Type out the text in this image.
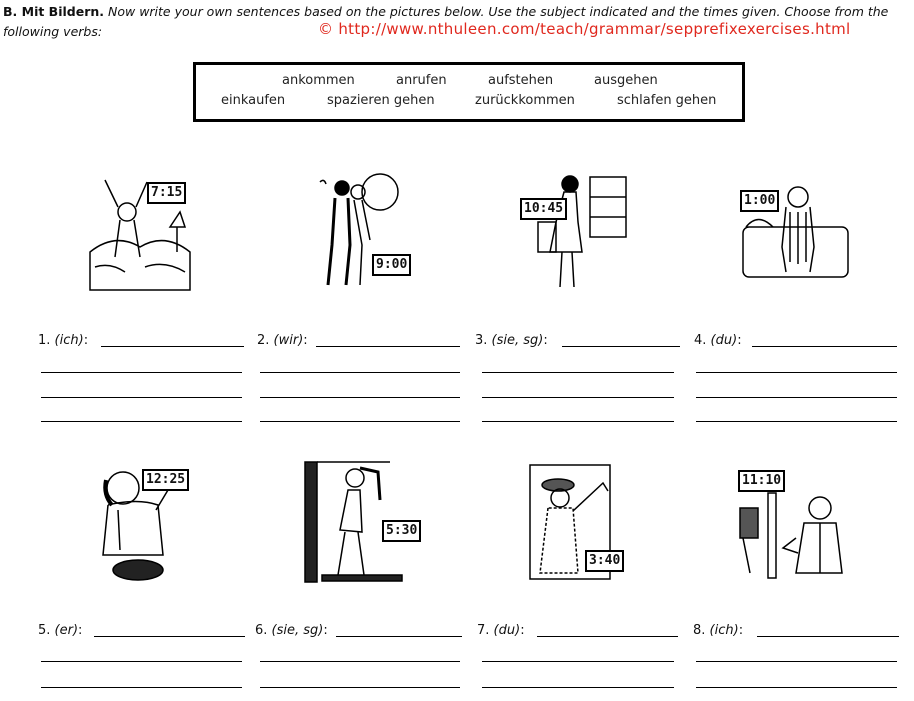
B. Mit Bildern. Now write your own sentences based on the pictures below. Use the subject indicated and the times given. Choose from the following verbs:	© http://www.nthuleen.com/teach/grammar/sepprefixexercises.html
ankommen	anrufen	aufstehen	ausgehen
einkaufen	spazieren gehen	zurückkommen	schlafen gehen
7:15
9:00
10:45
1:00
1. (ich):	2. (wir):	3. (sie, sg):	4. (du):
12:25
5:30
3:40
11:10
5. (er):	6. (sie, sg):	7. (du):	8. (ich):
